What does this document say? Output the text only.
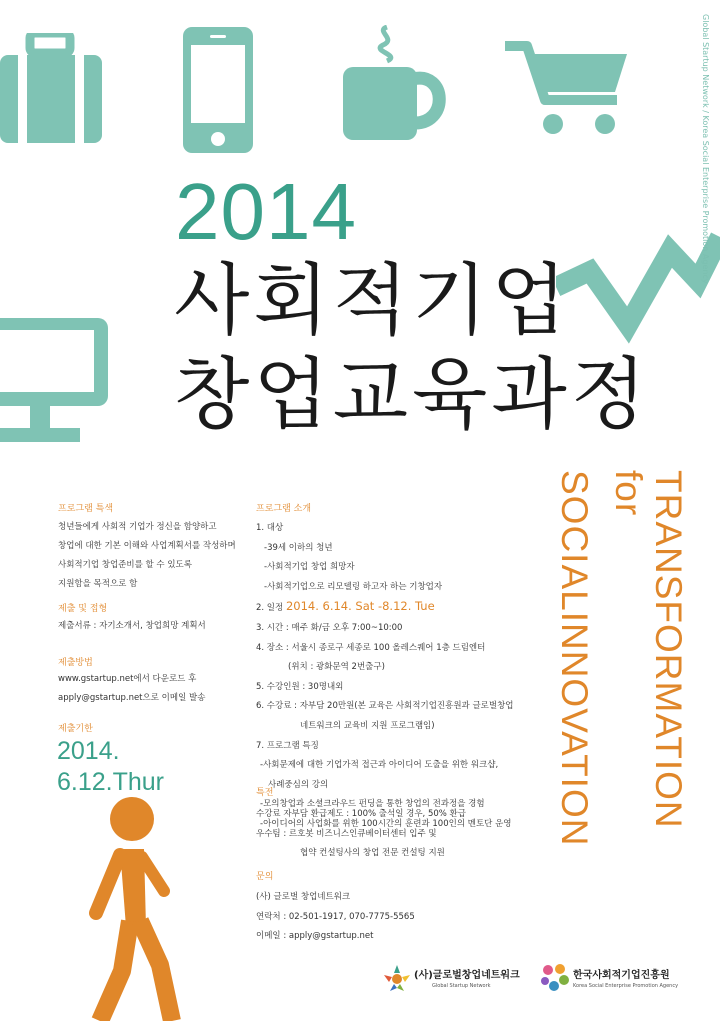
Global Startup Network / Korea Social Enterprise Promotion Agency
2014
사회적기업
창업교육과정
프로그램 특색
청년들에게 사회적 기업가 정신을 함양하고
창업에 대한 기본 이해와 사업계획서를 작성하며
사회적기업 창업준비를 할 수 있도록
지원함을 목적으로 함
제출 및 접형
제출서류 : 자기소개서, 창업희망 계획서
제출방법
www.gstartup.net에서 다운로드 후
apply@gstartup.net으로 이메일 발송
제출기한
2014.
6.12.Thur
프로그램 소개
1. 대상
-39세 이하의 청년
-사회적기업 창업 희망자
-사회적기업으로 리모델링 하고자 하는 기창업자
2. 일정 2014. 6.14. Sat -8.12. Tue
3. 시간 : 매주 화/금 오후 7:00~10:00
4. 장소 : 서울시 종로구 세종로 100 올레스퀘어 1층 드림엔터
(위치 : 광화문역 2번출구)
5. 수강인원 : 30명내외
6. 수강료 : 자부담 20만원(본 교육은 사회적기업진흥원과 글로벌창업
네트워크의 교육비 지원 프로그램임)
7. 프로그램 특징
-사회문제에 대한 기업가적 접근과 아이디어 도출을 위한 워크샵,
사례중심의 강의
-모의창업과 소셜크라우드 펀딩을 통한 창업의 전과정을 경험
-아이디어의 사업화를 위한 100시간의 훈련과 100인의 멘토단 운영
특전
수강료 자부담 환급제도 : 100% 출석일 경우, 50% 환급
우수팀 : 르호봇 비즈니스인큐베이터센터 입주 및
협약 컨설팅사의 창업 전문 컨설팅 지원
문의
(사) 글로벌 창업네트워크
연락처 : 02-501-1917, 070-7775-5565
이메일 : apply@gstartup.net
TRANSFORMATION
for
SOCIALINNOVATION
(사)글로벌창업네트워크
Global Startup Network
한국사회적기업진흥원
Korea Social Enterprise Promotion Agency
